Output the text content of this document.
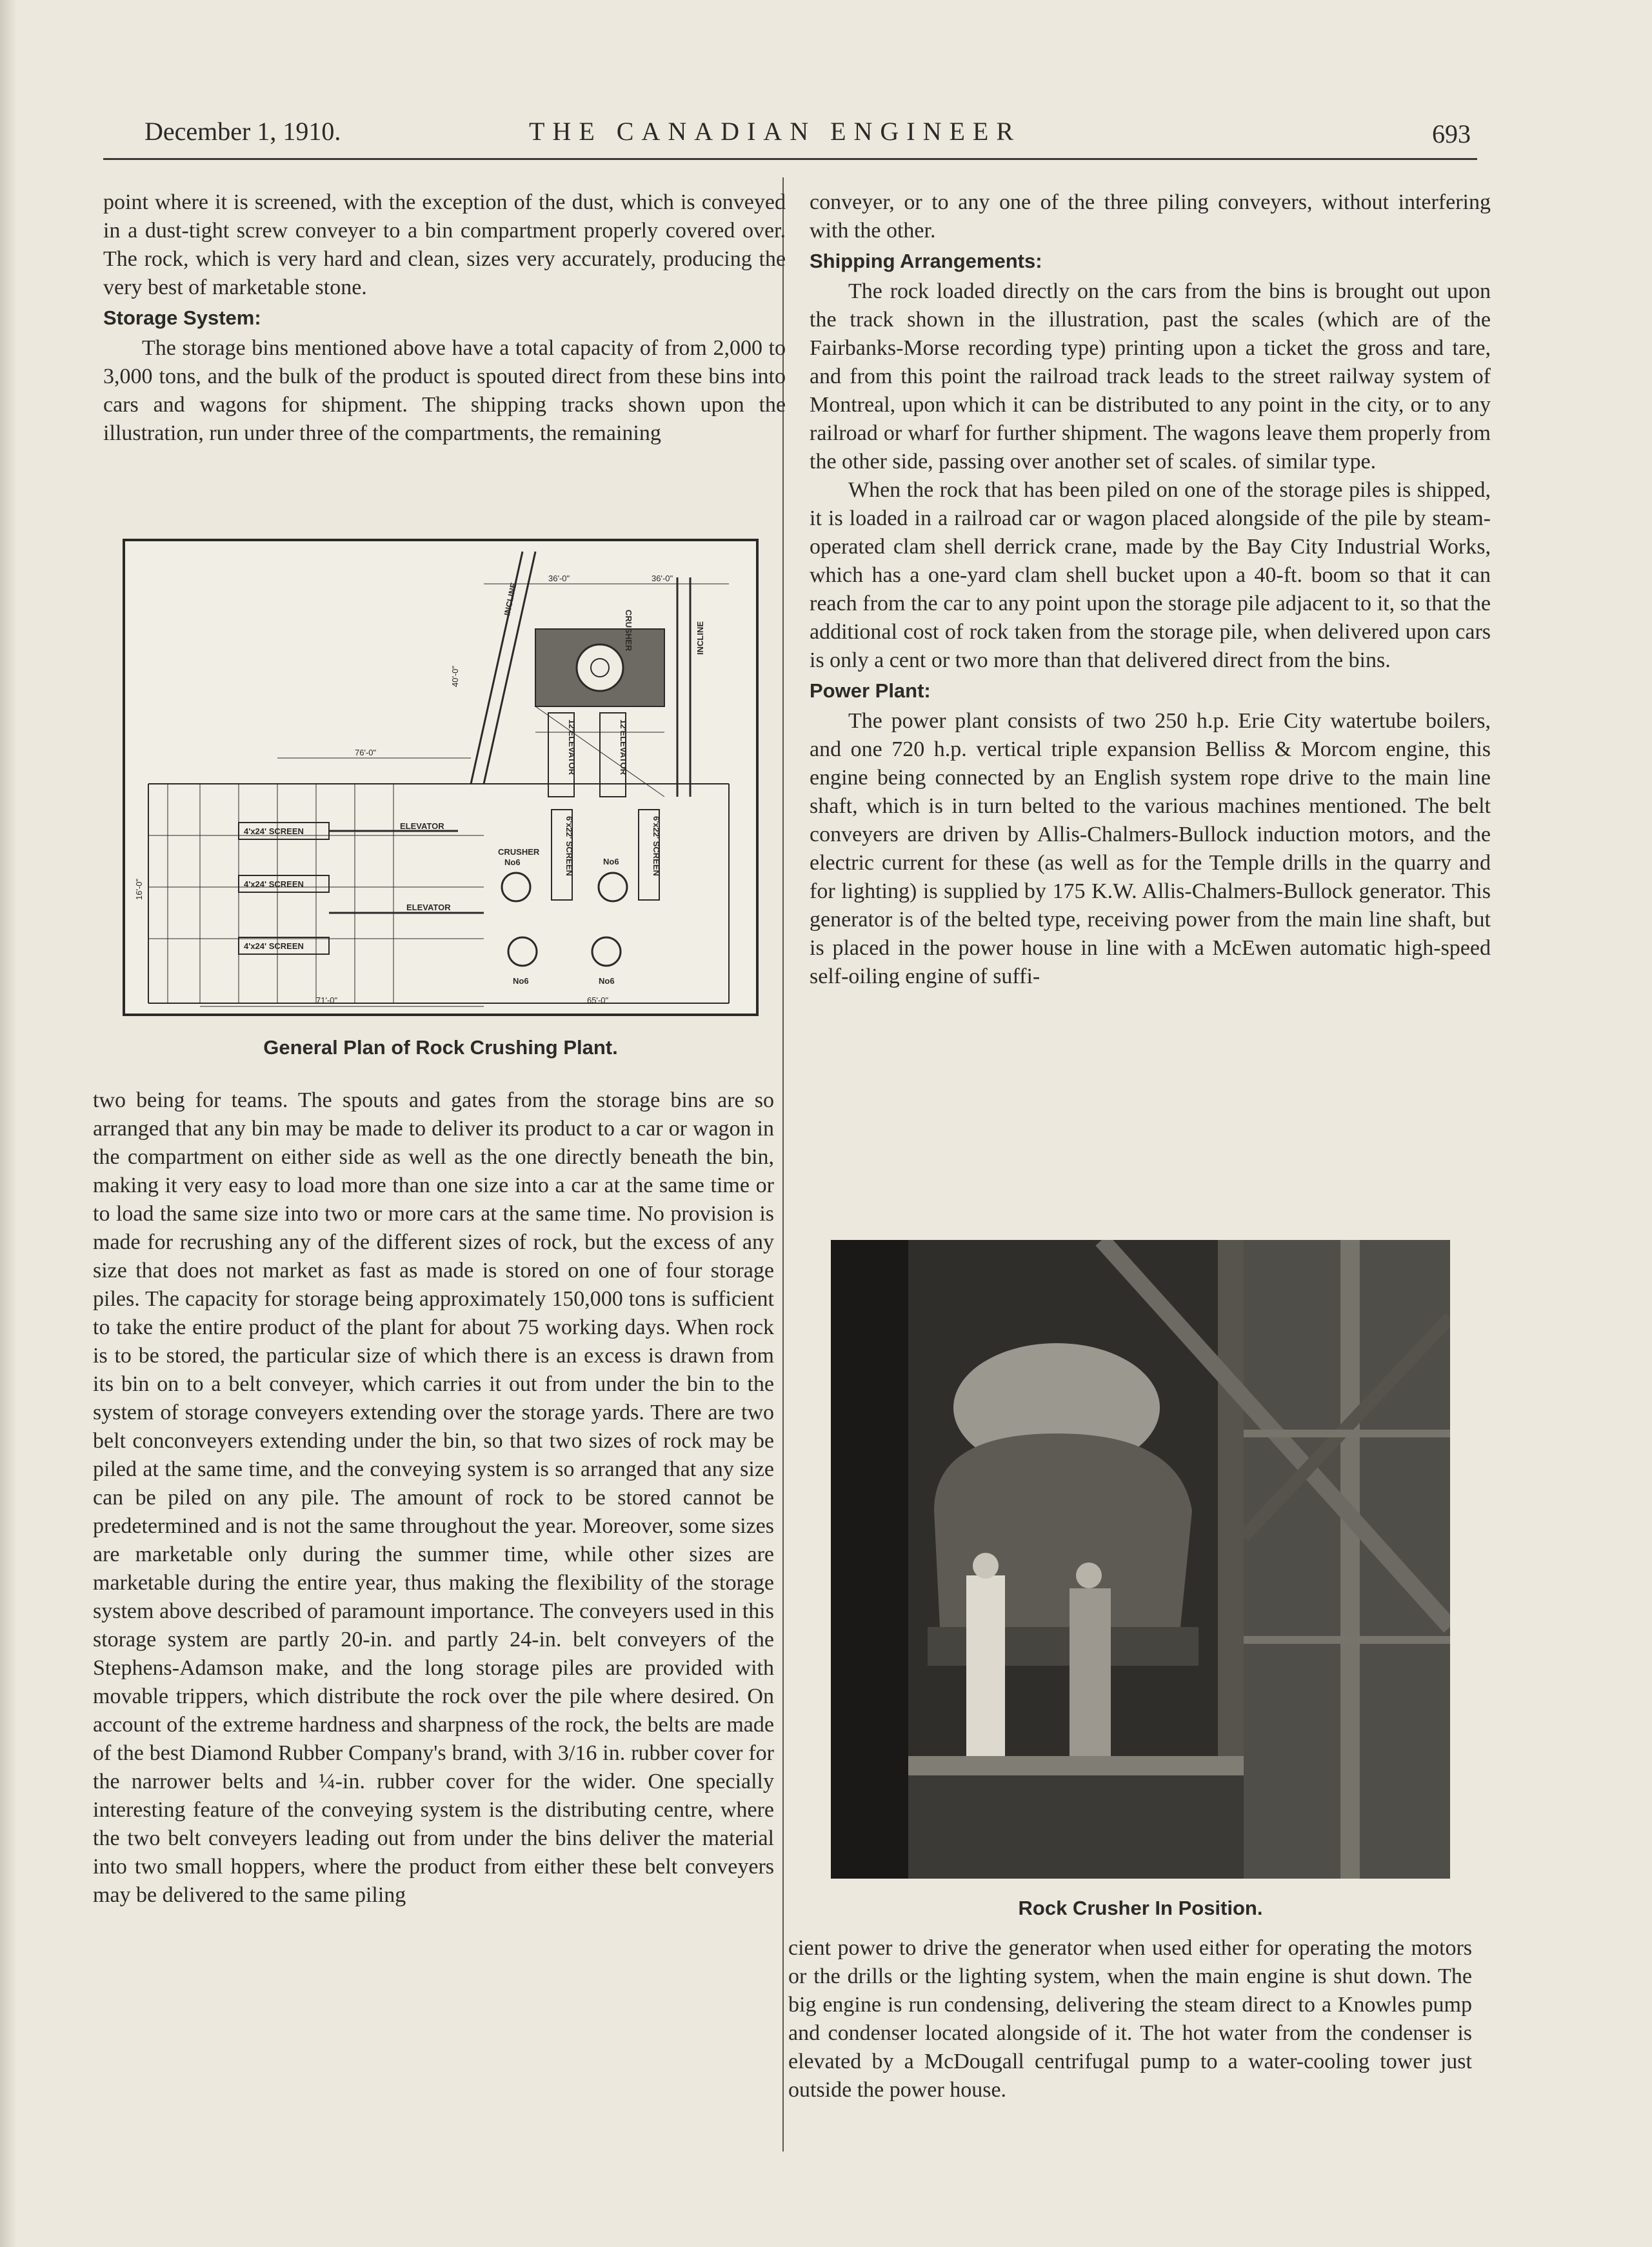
December 1, 1910.	THE CANADIAN ENGINEER	693

point where it is screened, with the exception of the dust, which is conveyed in a dust-tight screw conveyer to a bin compartment properly covered over. The rock, which is very hard and clean, sizes very accurately, producing the very best of marketable stone.

Storage System:

The storage bins mentioned above have a total capacity of from 2,000 to 3,000 tons, and the bulk of the product is spouted direct from these bins into cars and wagons for shipment. The shipping tracks shown upon the illustration, run under three of the compartments, the remaining

4'x24' SCREEN
4'x24' SCREEN
4'x24' SCREEN
ELEVATOR
ELEVATOR
INCLINE
INCLINE
CRUSHER
12'ELEVATOR	12'ELEVATOR
6'x22' SCREEN	6'x22' SCREEN
CRUSHER
No6	No6
No6	No6
36'-0"	36'-0"
76'-0"
71'-0"	65'-0"
40'-0"
16'-0"
General Plan of Rock Crushing Plant.

two being for teams. The spouts and gates from the storage bins are so arranged that any bin may be made to deliver its product to a car or wagon in the compartment on either side as well as the one directly beneath the bin, making it very easy to load more than one size into a car at the same time or to load the same size into two or more cars at the same time. No provision is made for recrushing any of the different sizes of rock, but the excess of any size that does not market as fast as made is stored on one of four storage piles. The capacity for storage being approximately 150,000 tons is sufficient to take the entire product of the plant for about 75 working days. When rock is to be stored, the particular size of which there is an excess is drawn from its bin on to a belt conveyer, which carries it out from under the bin to the system of storage conveyers extending over the storage yards. There are two belt conconveyers extending under the bin, so that two sizes of rock may be piled at the same time, and the conveying system is so arranged that any size can be piled on any pile. The amount of rock to be stored cannot be predetermined and is not the same throughout the year. Moreover, some sizes are marketable only during the summer time, while other sizes are marketable during the entire year, thus making the flexibility of the storage system above described of paramount importance. The conveyers used in this storage system are partly 20-in. and partly 24-in. belt conveyers of the Stephens-Adamson make, and the long storage piles are provided with movable trippers, which distribute the rock over the pile where desired. On account of the extreme hardness and sharpness of the rock, the belts are made of the best Diamond Rubber Company's brand, with 3/16 in. rubber cover for the narrower belts and ¼-in. rubber cover for the wider. One specially interesting feature of the conveying system is the distributing centre, where the two belt conveyers leading out from under the bins deliver the material into two small hoppers, where the product from either these belt conveyers may be delivered to the same piling

conveyer, or to any one of the three piling conveyers, without interfering with the other.

Shipping Arrangements:

The rock loaded directly on the cars from the bins is brought out upon the track shown in the illustration, past the scales (which are of the Fairbanks-Morse recording type) printing upon a ticket the gross and tare, and from this point the railroad track leads to the street railway system of Montreal, upon which it can be distributed to any point in the city, or to any railroad or wharf for further shipment. The wagons leave them properly from the other side, passing over another set of scales. of similar type.

When the rock that has been piled on one of the storage piles is shipped, it is loaded in a railroad car or wagon placed alongside of the pile by steam-operated clam shell derrick crane, made by the Bay City Industrial Works, which has a one-yard clam shell bucket upon a 40-ft. boom so that it can reach from the car to any point upon the storage pile adjacent to it, so that the additional cost of rock taken from the storage pile, when delivered upon cars is only a cent or two more than that delivered direct from the bins.

Power Plant:

The power plant consists of two 250 h.p. Erie City watertube boilers, and one 720 h.p. vertical triple expansion Belliss & Morcom engine, this engine being connected by an English system rope drive to the main line shaft, which is in turn belted to the various machines mentioned. The belt conveyers are driven by Allis-Chalmers-Bullock induction motors, and the electric current for these (as well as for the Temple drills in the quarry and for lighting) is supplied by 175 K.W. Allis-Chalmers-Bullock generator. This generator is of the belted type, receiving power from the main line shaft, but is placed in the power house in line with a McEwen automatic high-speed self-oiling engine of suffi-

Rock Crusher In Position.

cient power to drive the generator when used either for operating the motors or the drills or the lighting system, when the main engine is shut down. The big engine is run condensing, delivering the steam direct to a Knowles pump and condenser located alongside of it. The hot water from the condenser is elevated by a McDougall centrifugal pump to a water-cooling tower just outside the power house.
